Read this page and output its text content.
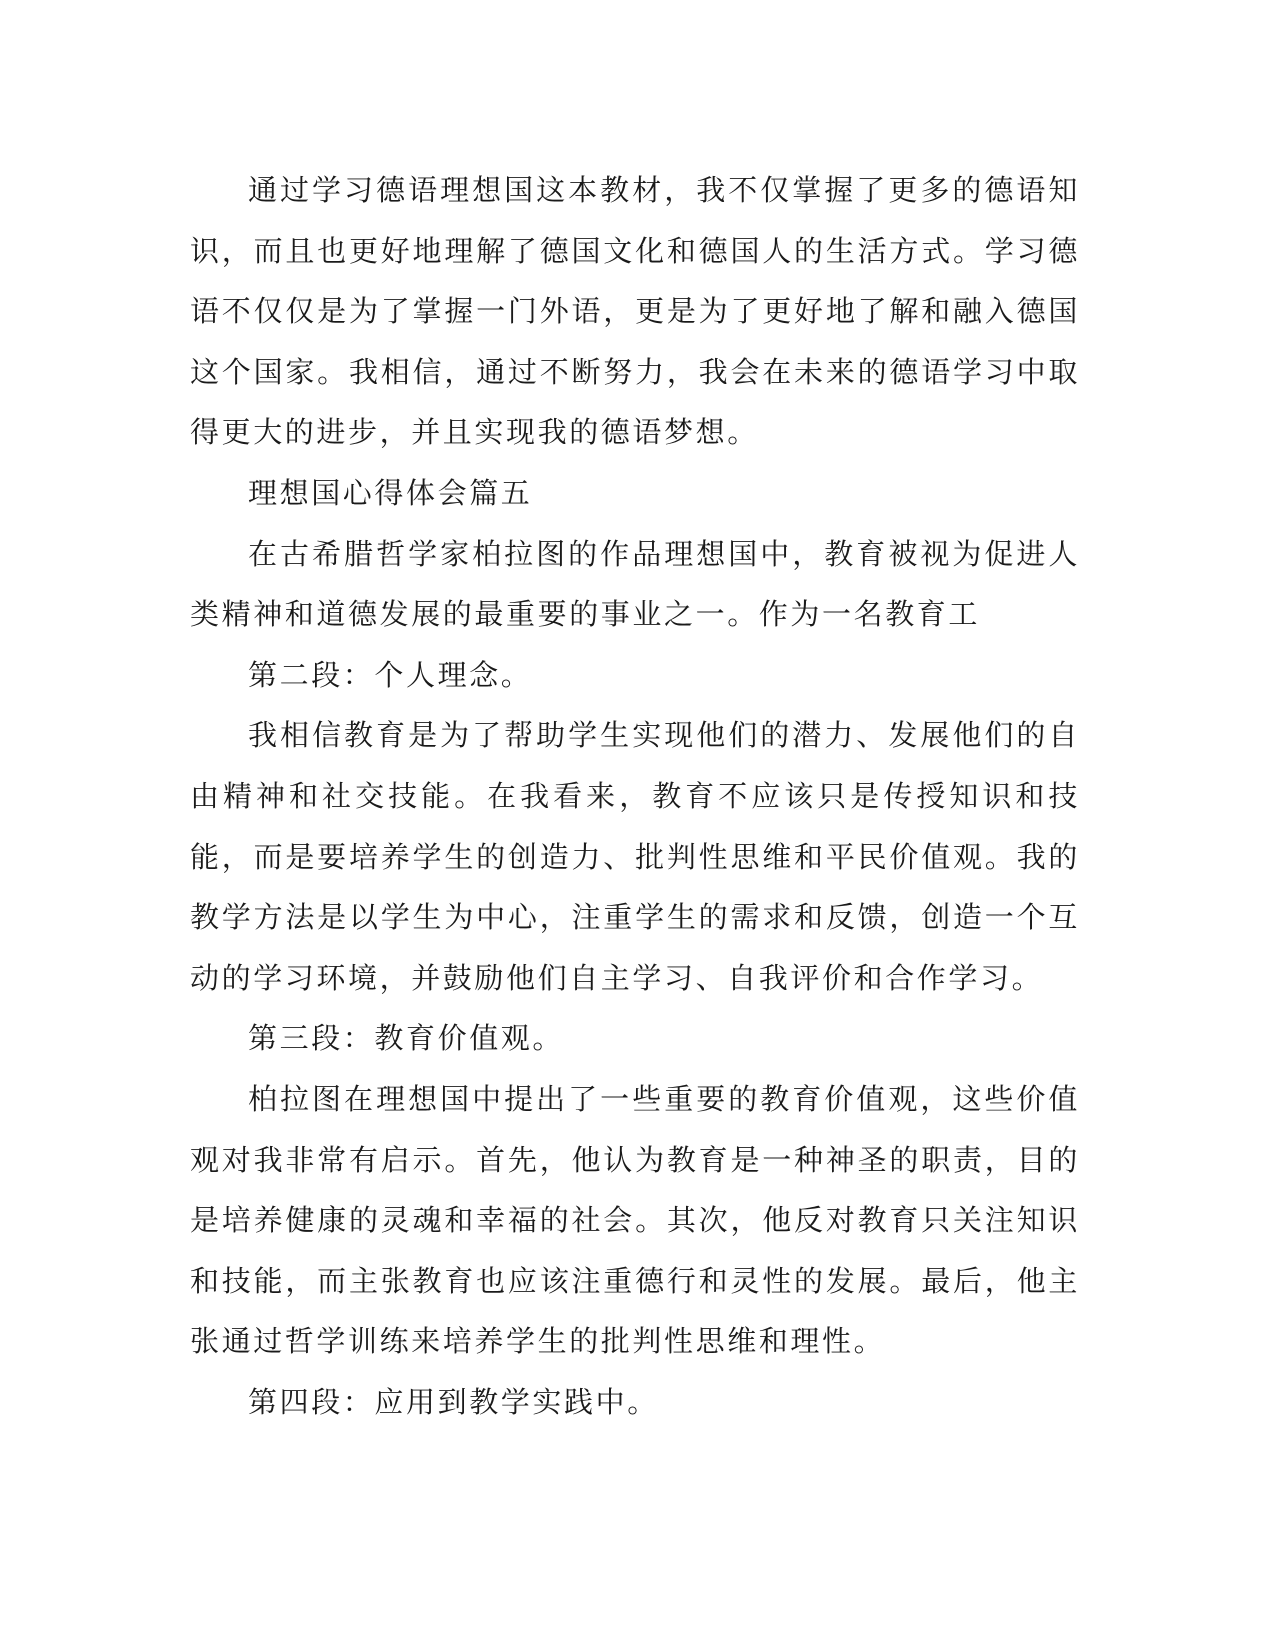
通过学习德语理想国这本教材，我不仅掌握了更多的德语知识，而且也更好地理解了德国文化和德国人的生活方式。学习德语不仅仅是为了掌握一门外语，更是为了更好地了解和融入德国这个国家。我相信，通过不断努力，我会在未来的德语学习中取得更大的进步，并且实现我的德语梦想。

理想国心得体会篇五

在古希腊哲学家柏拉图的作品理想国中，教育被视为促进人类精神和道德发展的最重要的事业之一。作为一名教育工

第二段：个人理念。

我相信教育是为了帮助学生实现他们的潜力、发展他们的自由精神和社交技能。在我看来，教育不应该只是传授知识和技能，而是要培养学生的创造力、批判性思维和平民价值观。我的教学方法是以学生为中心，注重学生的需求和反馈，创造一个互动的学习环境，并鼓励他们自主学习、自我评价和合作学习。

第三段：教育价值观。

柏拉图在理想国中提出了一些重要的教育价值观，这些价值观对我非常有启示。首先，他认为教育是一种神圣的职责，目的是培养健康的灵魂和幸福的社会。其次，他反对教育只关注知识和技能，而主张教育也应该注重德行和灵性的发展。最后，他主张通过哲学训练来培养学生的批判性思维和理性。

第四段：应用到教学实践中。
